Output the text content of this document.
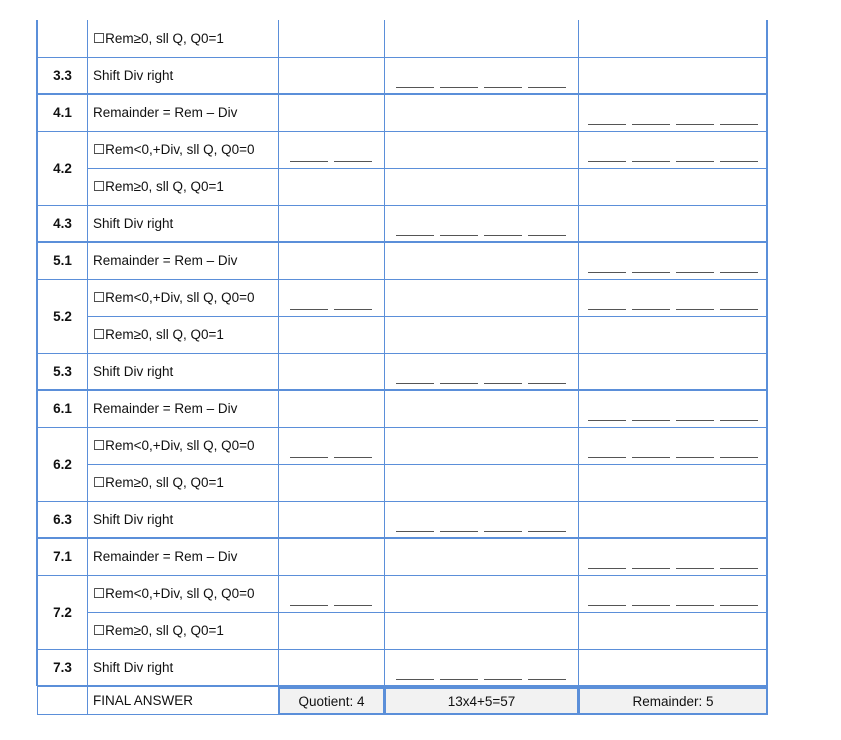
☐Rem≥0, sll Q, Q0=1
3.3 Shift Div right
4.1 Remainder = Rem – Div
4.2
☐Rem<0,+Div, sll Q, Q0=0
☐Rem≥0, sll Q, Q0=1
4.3 Shift Div right
5.1 Remainder = Rem – Div
5.2
☐Rem<0,+Div, sll Q, Q0=0
☐Rem≥0, sll Q, Q0=1
5.3 Shift Div right
6.1 Remainder = Rem – Div
6.2
☐Rem<0,+Div, sll Q, Q0=0
☐Rem≥0, sll Q, Q0=1
6.3 Shift Div right
7.1 Remainder = Rem – Div
7.2
☐Rem<0,+Div, sll Q, Q0=0
☐Rem≥0, sll Q, Q0=1
7.3 Shift Div right
FINAL ANSWER	Quotient: 4	13x4+5=57	Remainder: 5
